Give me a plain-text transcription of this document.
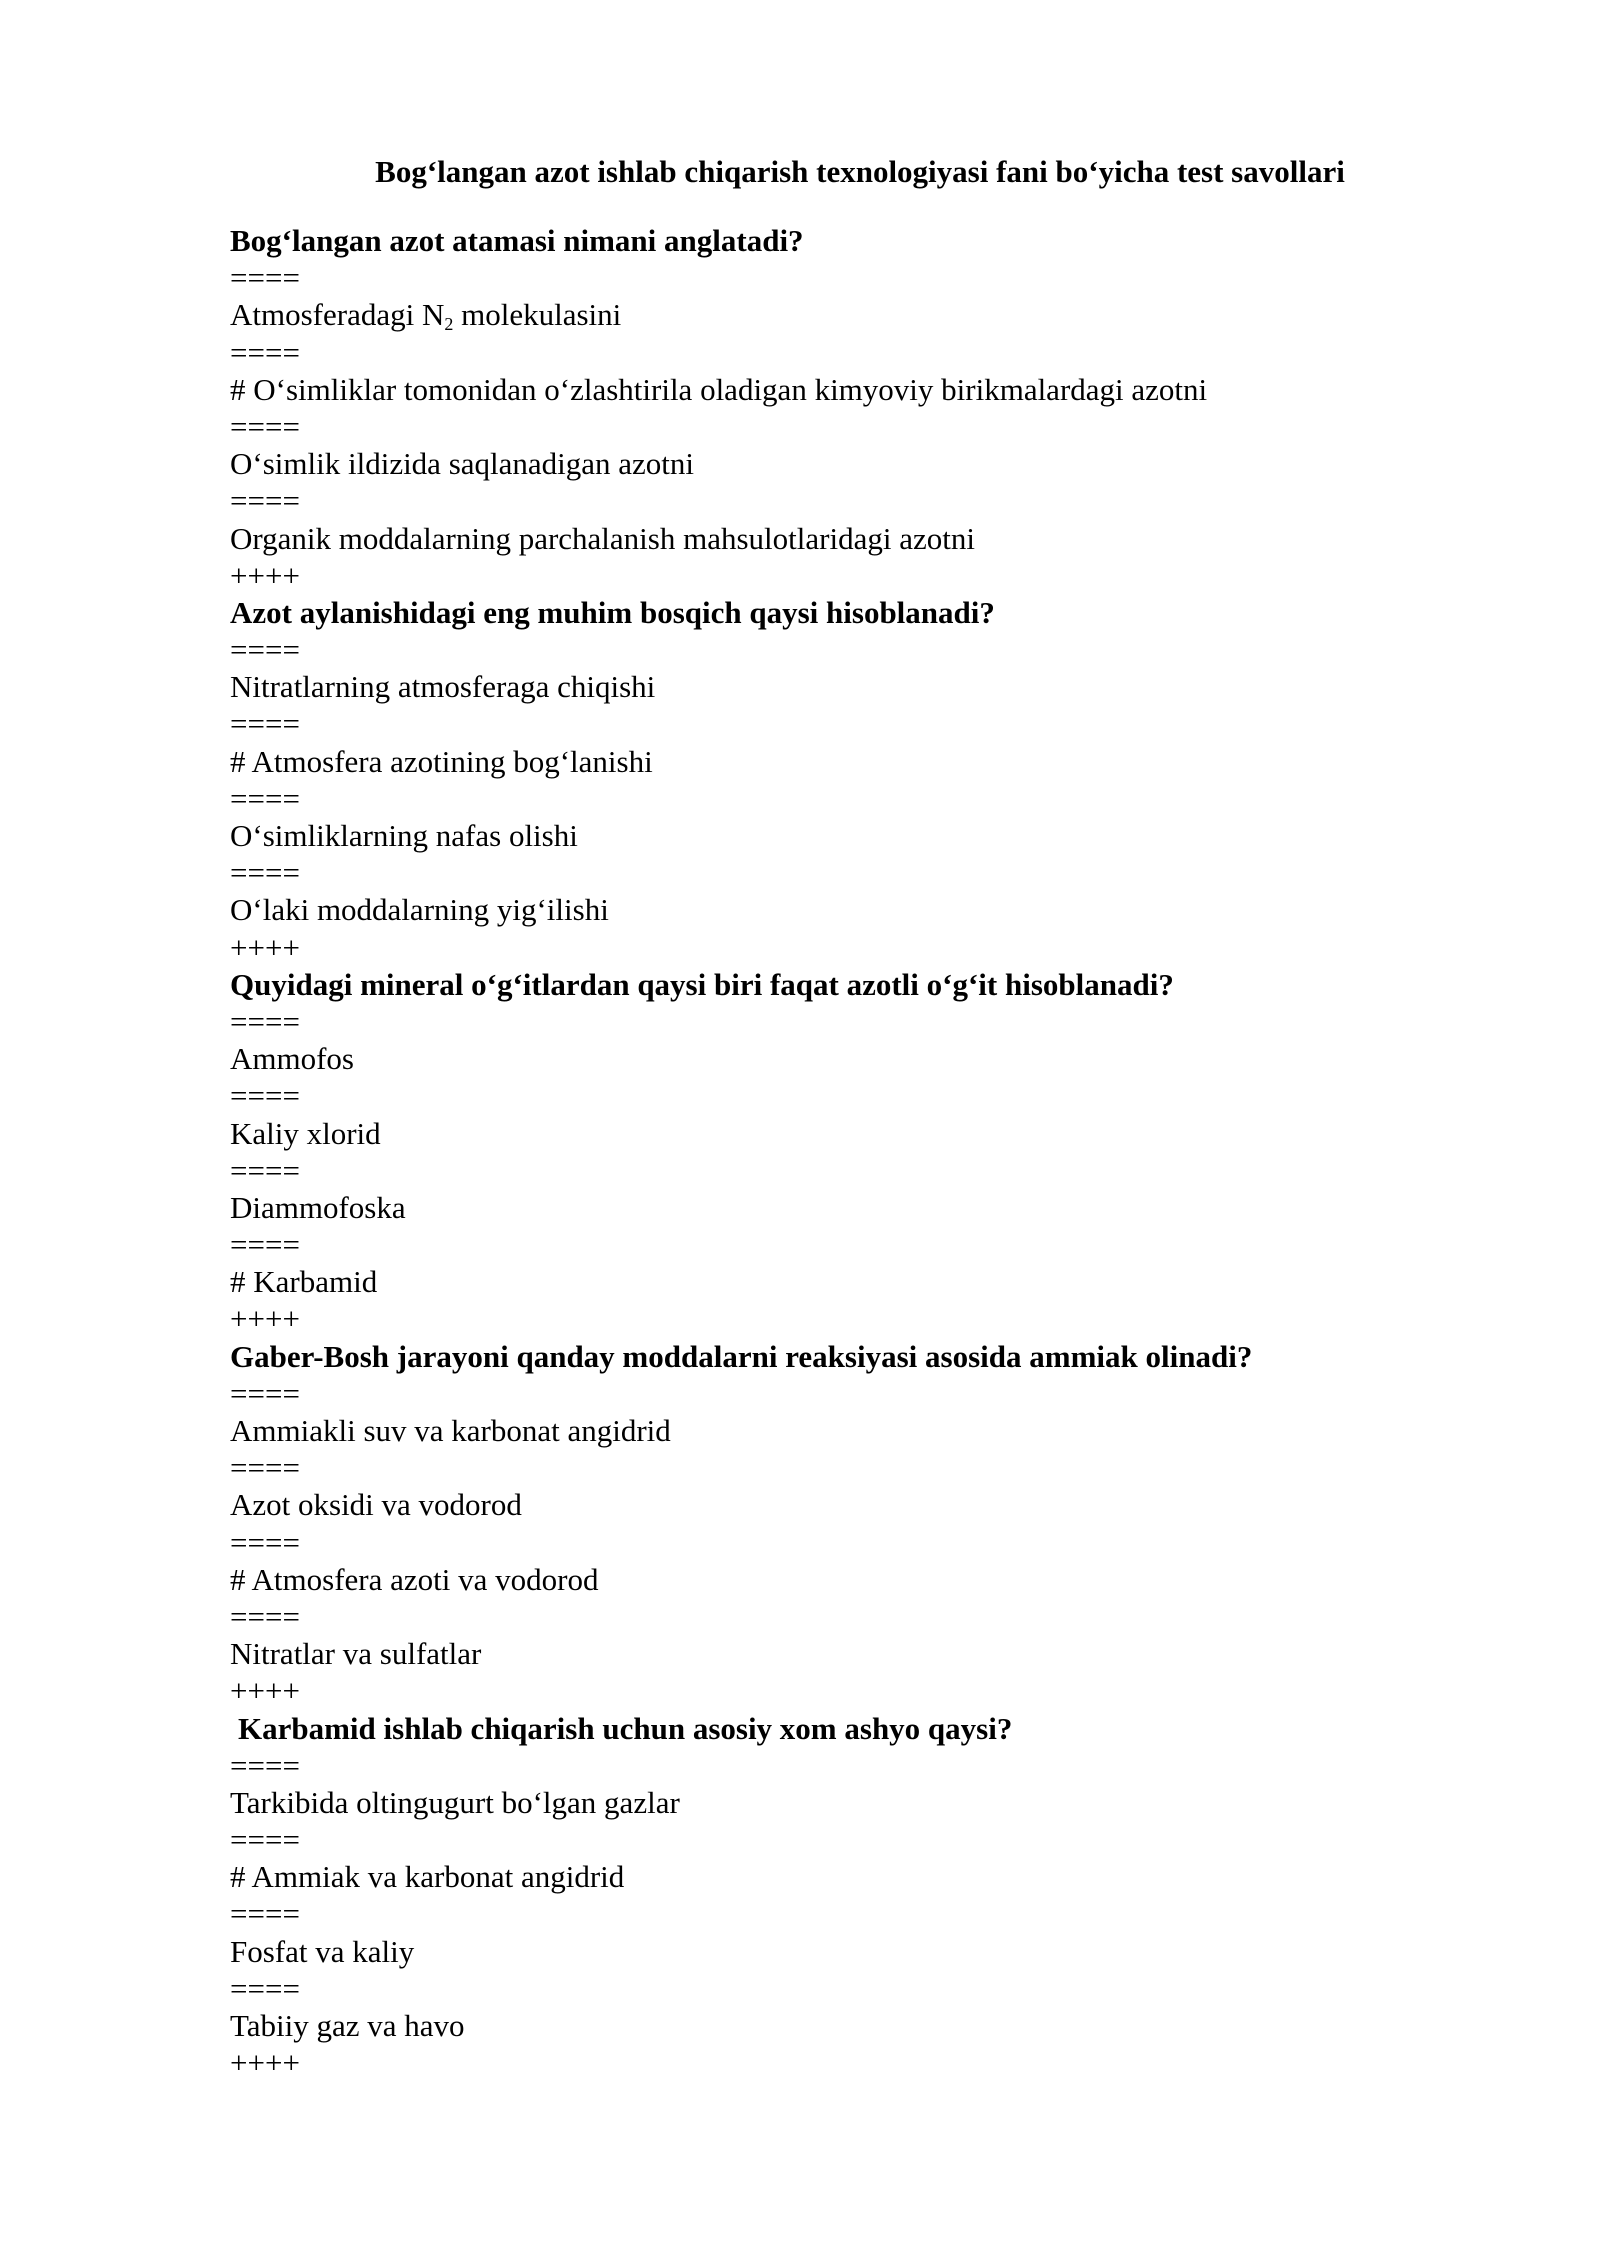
Bog‘langan azot ishlab chiqarish texnologiyasi fani bo‘yicha test savollari
Bog‘langan azot atamasi nimani anglatadi?
====
Atmosferadagi $N_2$ molekulasini
====
# O‘simliklar tomonidan o‘zlashtirila oladigan kimyoviy birikmalardagi azotni
====
O‘simlik ildizida saqlanadigan azotni
====
Organik moddalarning parchalanish mahsulotlaridagi azotni
++++
Azot aylanishidagi eng muhim bosqich qaysi hisoblanadi?
====
Nitratlarning atmosferaga chiqishi
====
# Atmosfera azotining bog‘lanishi
====
O‘simliklarning nafas olishi
====
O‘laki moddalarning yig‘ilishi
++++
Quyidagi mineral o‘g‘itlardan qaysi biri faqat azotli o‘g‘it hisoblanadi?
====
Ammofos
====
Kaliy xlorid
====
Diammofoska
====
# Karbamid
++++
Gaber-Bosh jarayoni qanday moddalarni reaksiyasi asosida ammiak olinadi?
====
Ammiakli suv va karbonat angidrid
====
Azot oksidi va vodorod
====
# Atmosfera azoti va vodorod
====
Nitratlar va sulfatlar
++++
Karbamid ishlab chiqarish uchun asosiy xom ashyo qaysi?
====
Tarkibida oltingugurt bo‘lgan gazlar
====
# Ammiak va karbonat angidrid
====
Fosfat va kaliy
====
Tabiiy gaz va havo
++++
